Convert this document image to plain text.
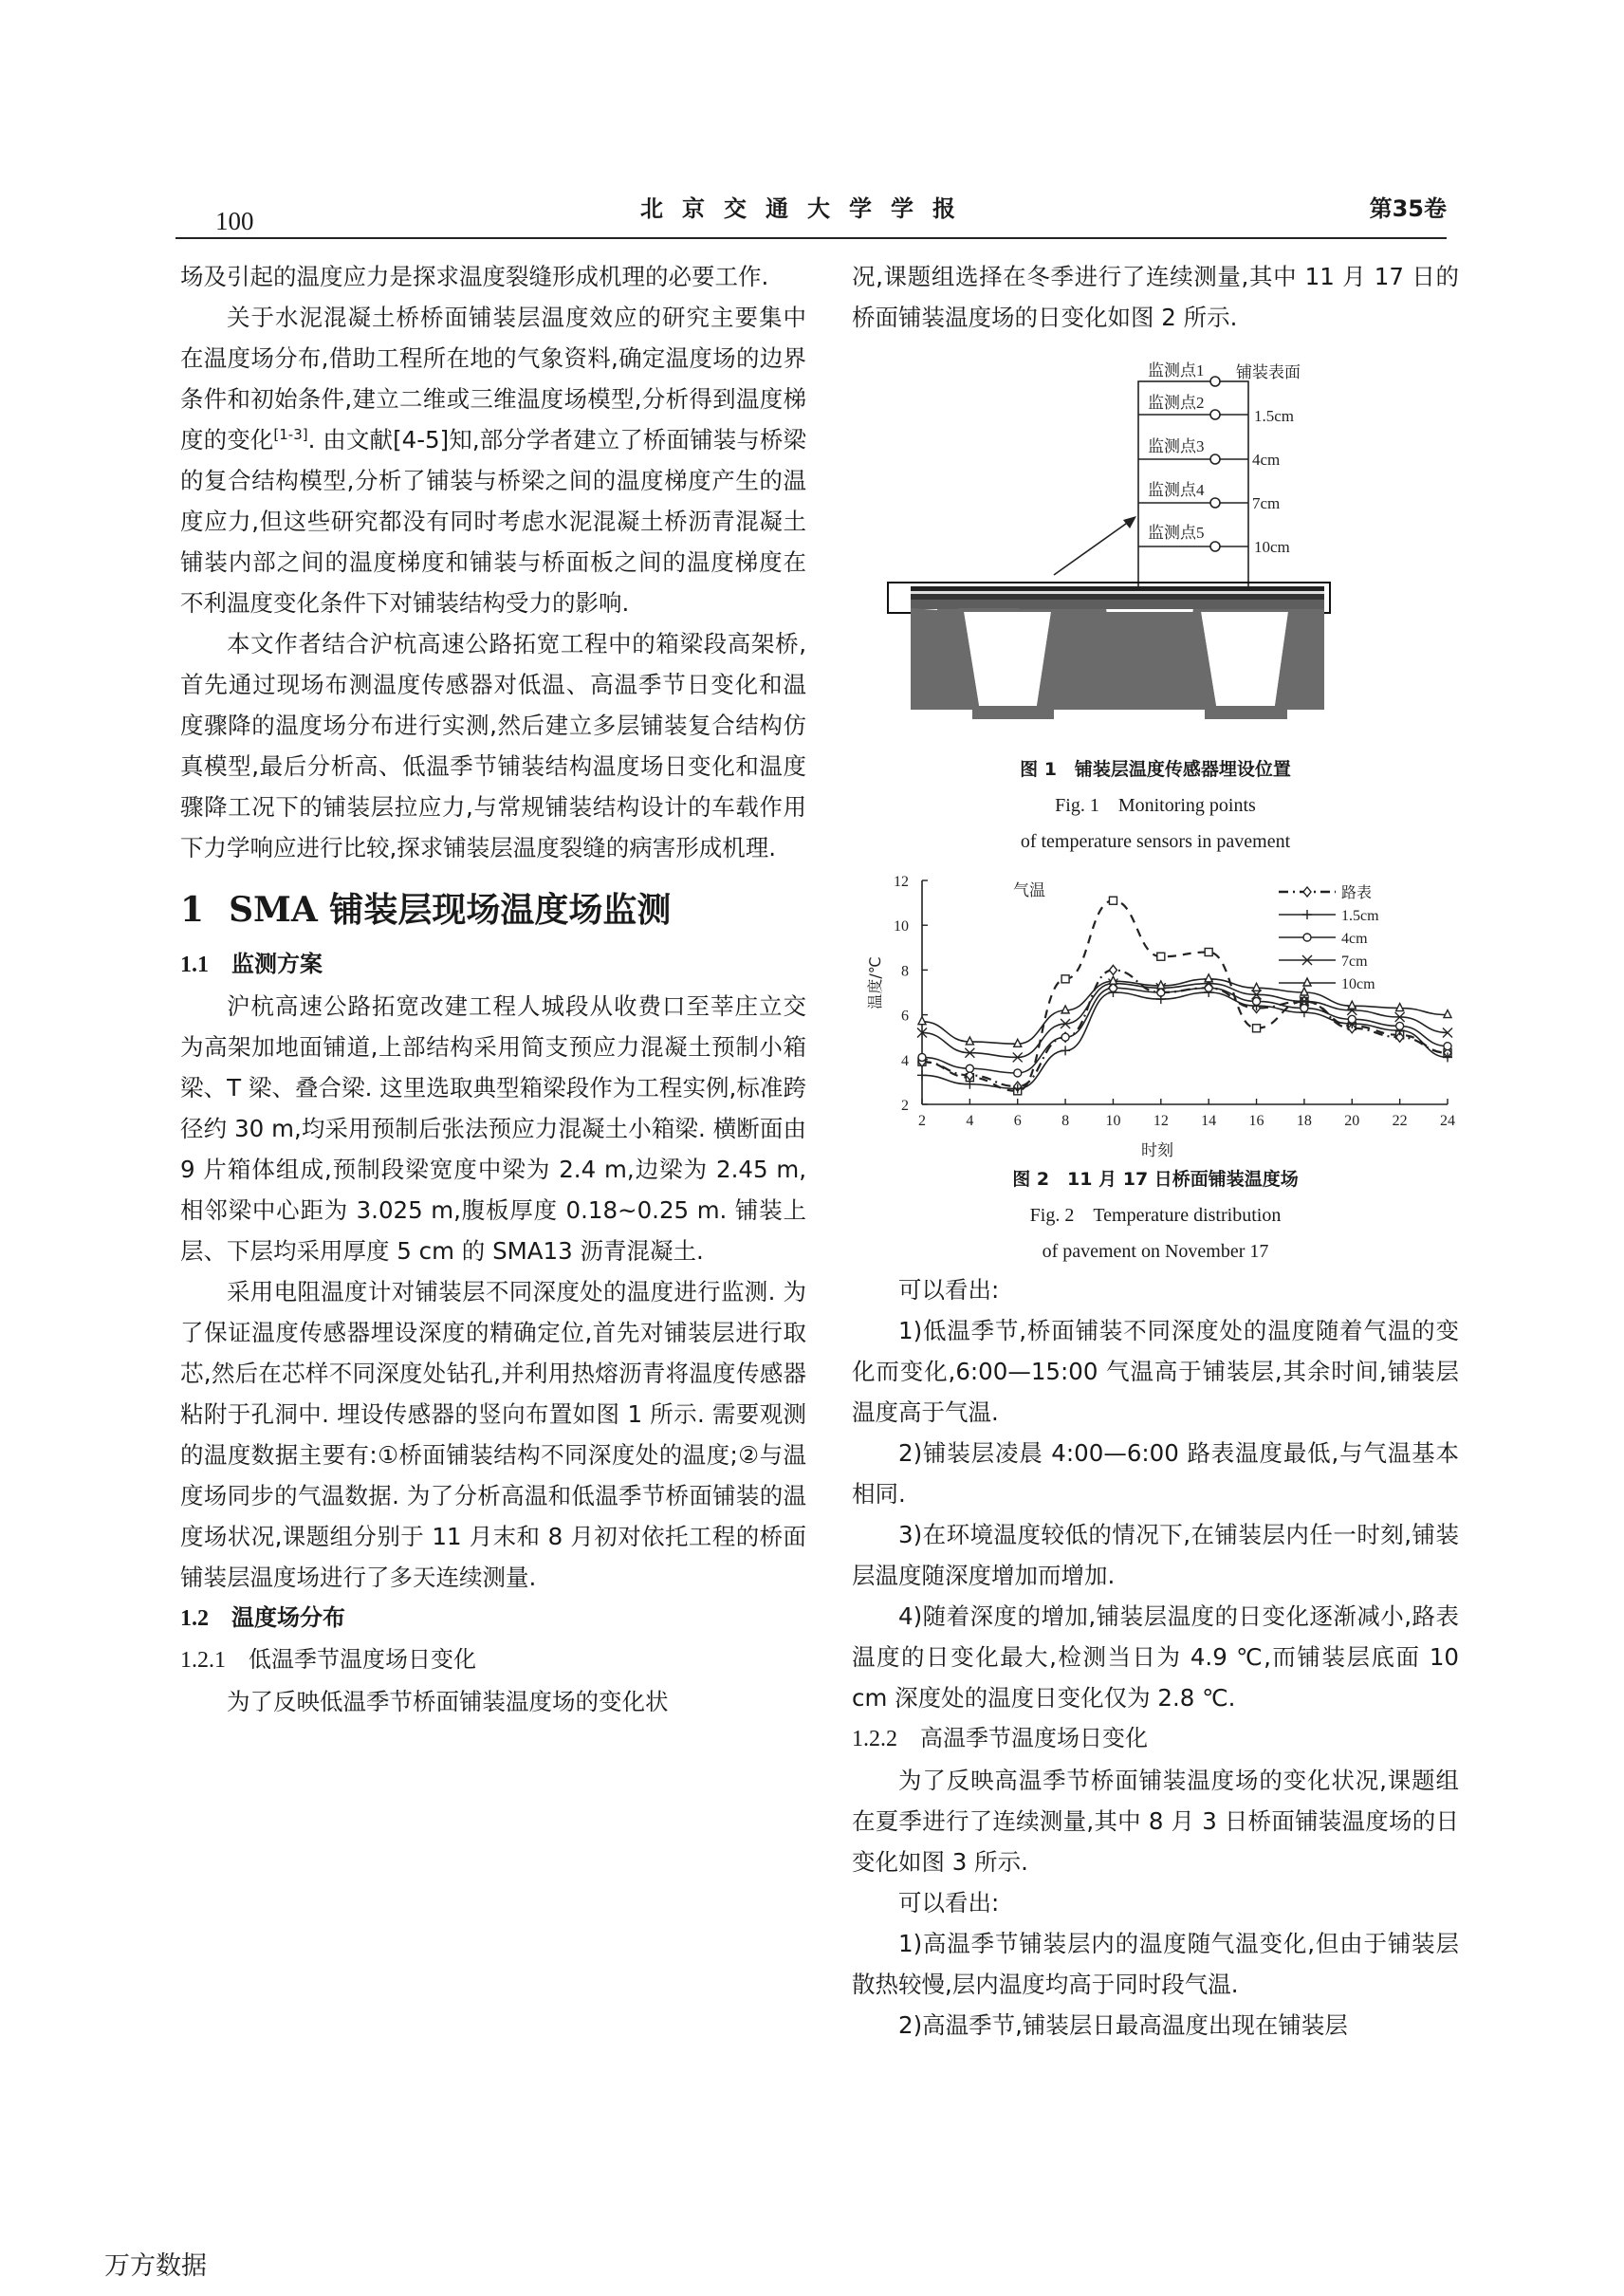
100	北京交通大学学报	第35卷

场及引起的温度应力是探求温度裂缝形成机理的必要工作.

关于水泥混凝土桥桥面铺装层温度效应的研究主要集中在温度场分布,借助工程所在地的气象资料,确定温度场的边界条件和初始条件,建立二维或三维温度场模型,分析得到温度梯度的变化[1-3]. 由文献[4-5]知,部分学者建立了桥面铺装与桥梁的复合结构模型,分析了铺装与桥梁之间的温度梯度产生的温度应力,但这些研究都没有同时考虑水泥混凝土桥沥青混凝土铺装内部之间的温度梯度和铺装与桥面板之间的温度梯度在不利温度变化条件下对铺装结构受力的影响.

本文作者结合沪杭高速公路拓宽工程中的箱梁段高架桥,首先通过现场布测温度传感器对低温、高温季节日变化和温度骤降的温度场分布进行实测,然后建立多层铺装复合结构仿真模型,最后分析高、低温季节铺装结构温度场日变化和温度骤降工况下的铺装层拉应力,与常规铺装结构设计的车载作用下力学响应进行比较,探求铺装层温度裂缝的病害形成机理.

1 SMA 铺装层现场温度场监测
1.1 监测方案

沪杭高速公路拓宽改建工程人城段从收费口至莘庄立交为高架加地面铺道,上部结构采用简支预应力混凝土预制小箱梁、T 梁、叠合梁. 这里选取典型箱梁段作为工程实例,标准跨径约 30 m,均采用预制后张法预应力混凝土小箱梁. 横断面由 9 片箱体组成,预制段梁宽度中梁为 2.4 m,边梁为 2.45 m,相邻梁中心距为 3.025 m,腹板厚度 0.18~0.25 m. 铺装上层、下层均采用厚度 5 cm 的 SMA13 沥青混凝土.

采用电阻温度计对铺装层不同深度处的温度进行监测. 为了保证温度传感器埋设深度的精确定位,首先对铺装层进行取芯,然后在芯样不同深度处钻孔,并利用热熔沥青将温度传感器粘附于孔洞中. 埋设传感器的竖向布置如图 1 所示. 需要观测的温度数据主要有:①桥面铺装结构不同深度处的温度;②与温度场同步的气温数据. 为了分析高温和低温季节桥面铺装的温度场状况,课题组分别于 11 月末和 8 月初对依托工程的桥面铺装层温度场进行了多天连续测量.

1.2 温度场分布
1.2.1 低温季节温度场日变化

为了反映低温季节桥面铺装温度场的变化状

况,课题组选择在冬季进行了连续测量,其中 11 月 17 日的桥面铺装温度场的日变化如图 2 所示.

监测点1
监测点2
监测点3
监测点4
监测点5
铺装表面
1.5cm
4cm
7cm
10cm
图 1　铺装层温度传感器埋设位置
Fig. 1　Monitoring points
of temperature sensors in pavement
2	4	6	8 10 12 14 16 18 20 22 24
2
4
6
8
10
12
路表
1.5cm
4cm
7cm
10cm
温度/℃
时刻
气温
图 2　11 月 17 日桥面铺装温度场
Fig. 2　Temperature distribution
of pavement on November 17

可以看出:

1)低温季节,桥面铺装不同深度处的温度随着气温的变化而变化,6:00—15:00 气温高于铺装层,其余时间,铺装层温度高于气温.

2)铺装层凌晨 4:00—6:00 路表温度最低,与气温基本相同.

3)在环境温度较低的情况下,在铺装层内任一时刻,铺装层温度随深度增加而增加.

4)随着深度的增加,铺装层温度的日变化逐渐减小,路表温度的日变化最大,检测当日为 4.9 ℃,而铺装层底面 10 cm 深度处的温度日变化仅为 2.8 ℃.

1.2.2 高温季节温度场日变化

为了反映高温季节桥面铺装温度场的变化状况,课题组在夏季进行了连续测量,其中 8 月 3 日桥面铺装温度场的日变化如图 3 所示.

可以看出:

1)高温季节铺装层内的温度随气温变化,但由于铺装层散热较慢,层内温度均高于同时段气温.

2)高温季节,铺装层日最高温度出现在铺装层

万方数据
